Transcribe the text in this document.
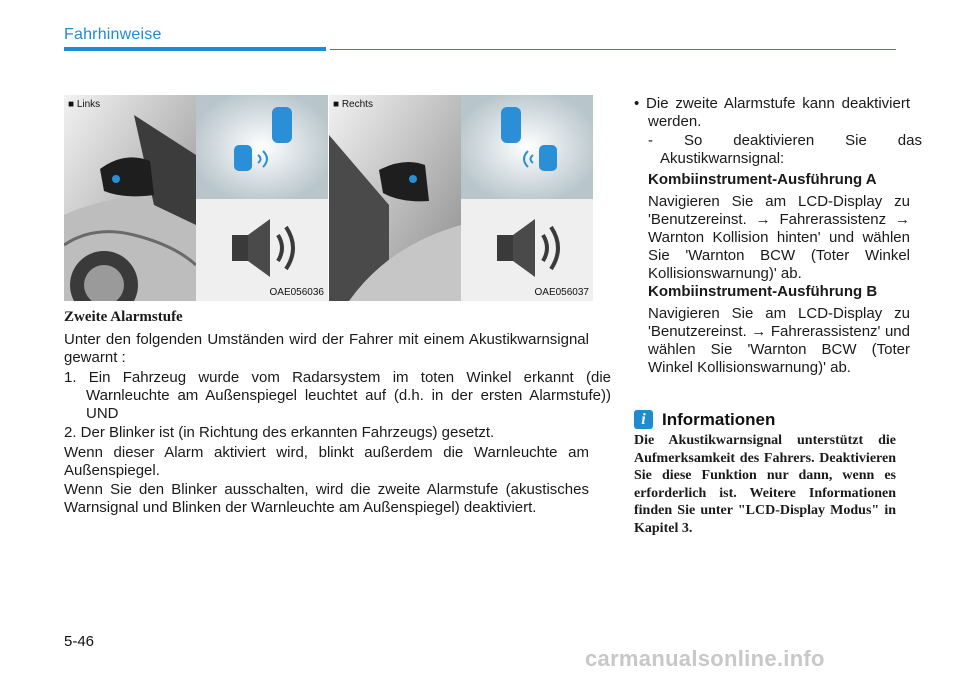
Fahrhinweise
■ Links
OAE056036
■ Rechts
OAE056037
Zweite Alarmstufe
Unter den folgenden Umständen wird der Fahrer mit einem Akustikwarnsignal gewarnt :
1. Ein Fahrzeug wurde vom Radarsystem im toten Winkel erkannt (die Warnleuchte am Außenspiegel leuchtet auf (d.h. in der ersten Alarmstufe)) UND
2. Der Blinker ist (in Richtung des erkannten Fahrzeugs) gesetzt.
Wenn dieser Alarm aktiviert wird, blinkt außerdem die Warnleuchte am Außenspiegel.
Wenn Sie den Blinker ausschalten, wird die zweite Alarmstufe (akustisches Warnsignal und Blinken der Warnleuchte am Außenspiegel) deaktiviert.
• Die zweite Alarmstufe kann deaktiviert werden.
- So deaktivieren Sie das Akustikwarnsignal:
Kombiinstrument-Ausführung A
Navigieren Sie am LCD-Display zu 'Benutzereinst. → Fahrerassistenz → Warnton Kollision hinten' und wählen Sie 'Warnton BCW (Toter Winkel Kollisionswarnung)' ab.
Kombiinstrument-Ausführung B
Navigieren Sie am LCD-Display zu 'Benutzereinst. → Fahrerassistenz' und wählen Sie 'Warnton BCW (Toter Winkel Kollisionswarnung)' ab.
i Informationen
Die Akustikwarnsignal unterstützt die Aufmerksamkeit des Fahrers. Deaktivieren Sie diese Funktion nur dann, wenn es erforderlich ist. Weitere Informationen finden Sie unter "LCD-Display Modus" in Kapitel 3.
5-46
carmanualsonline.info
